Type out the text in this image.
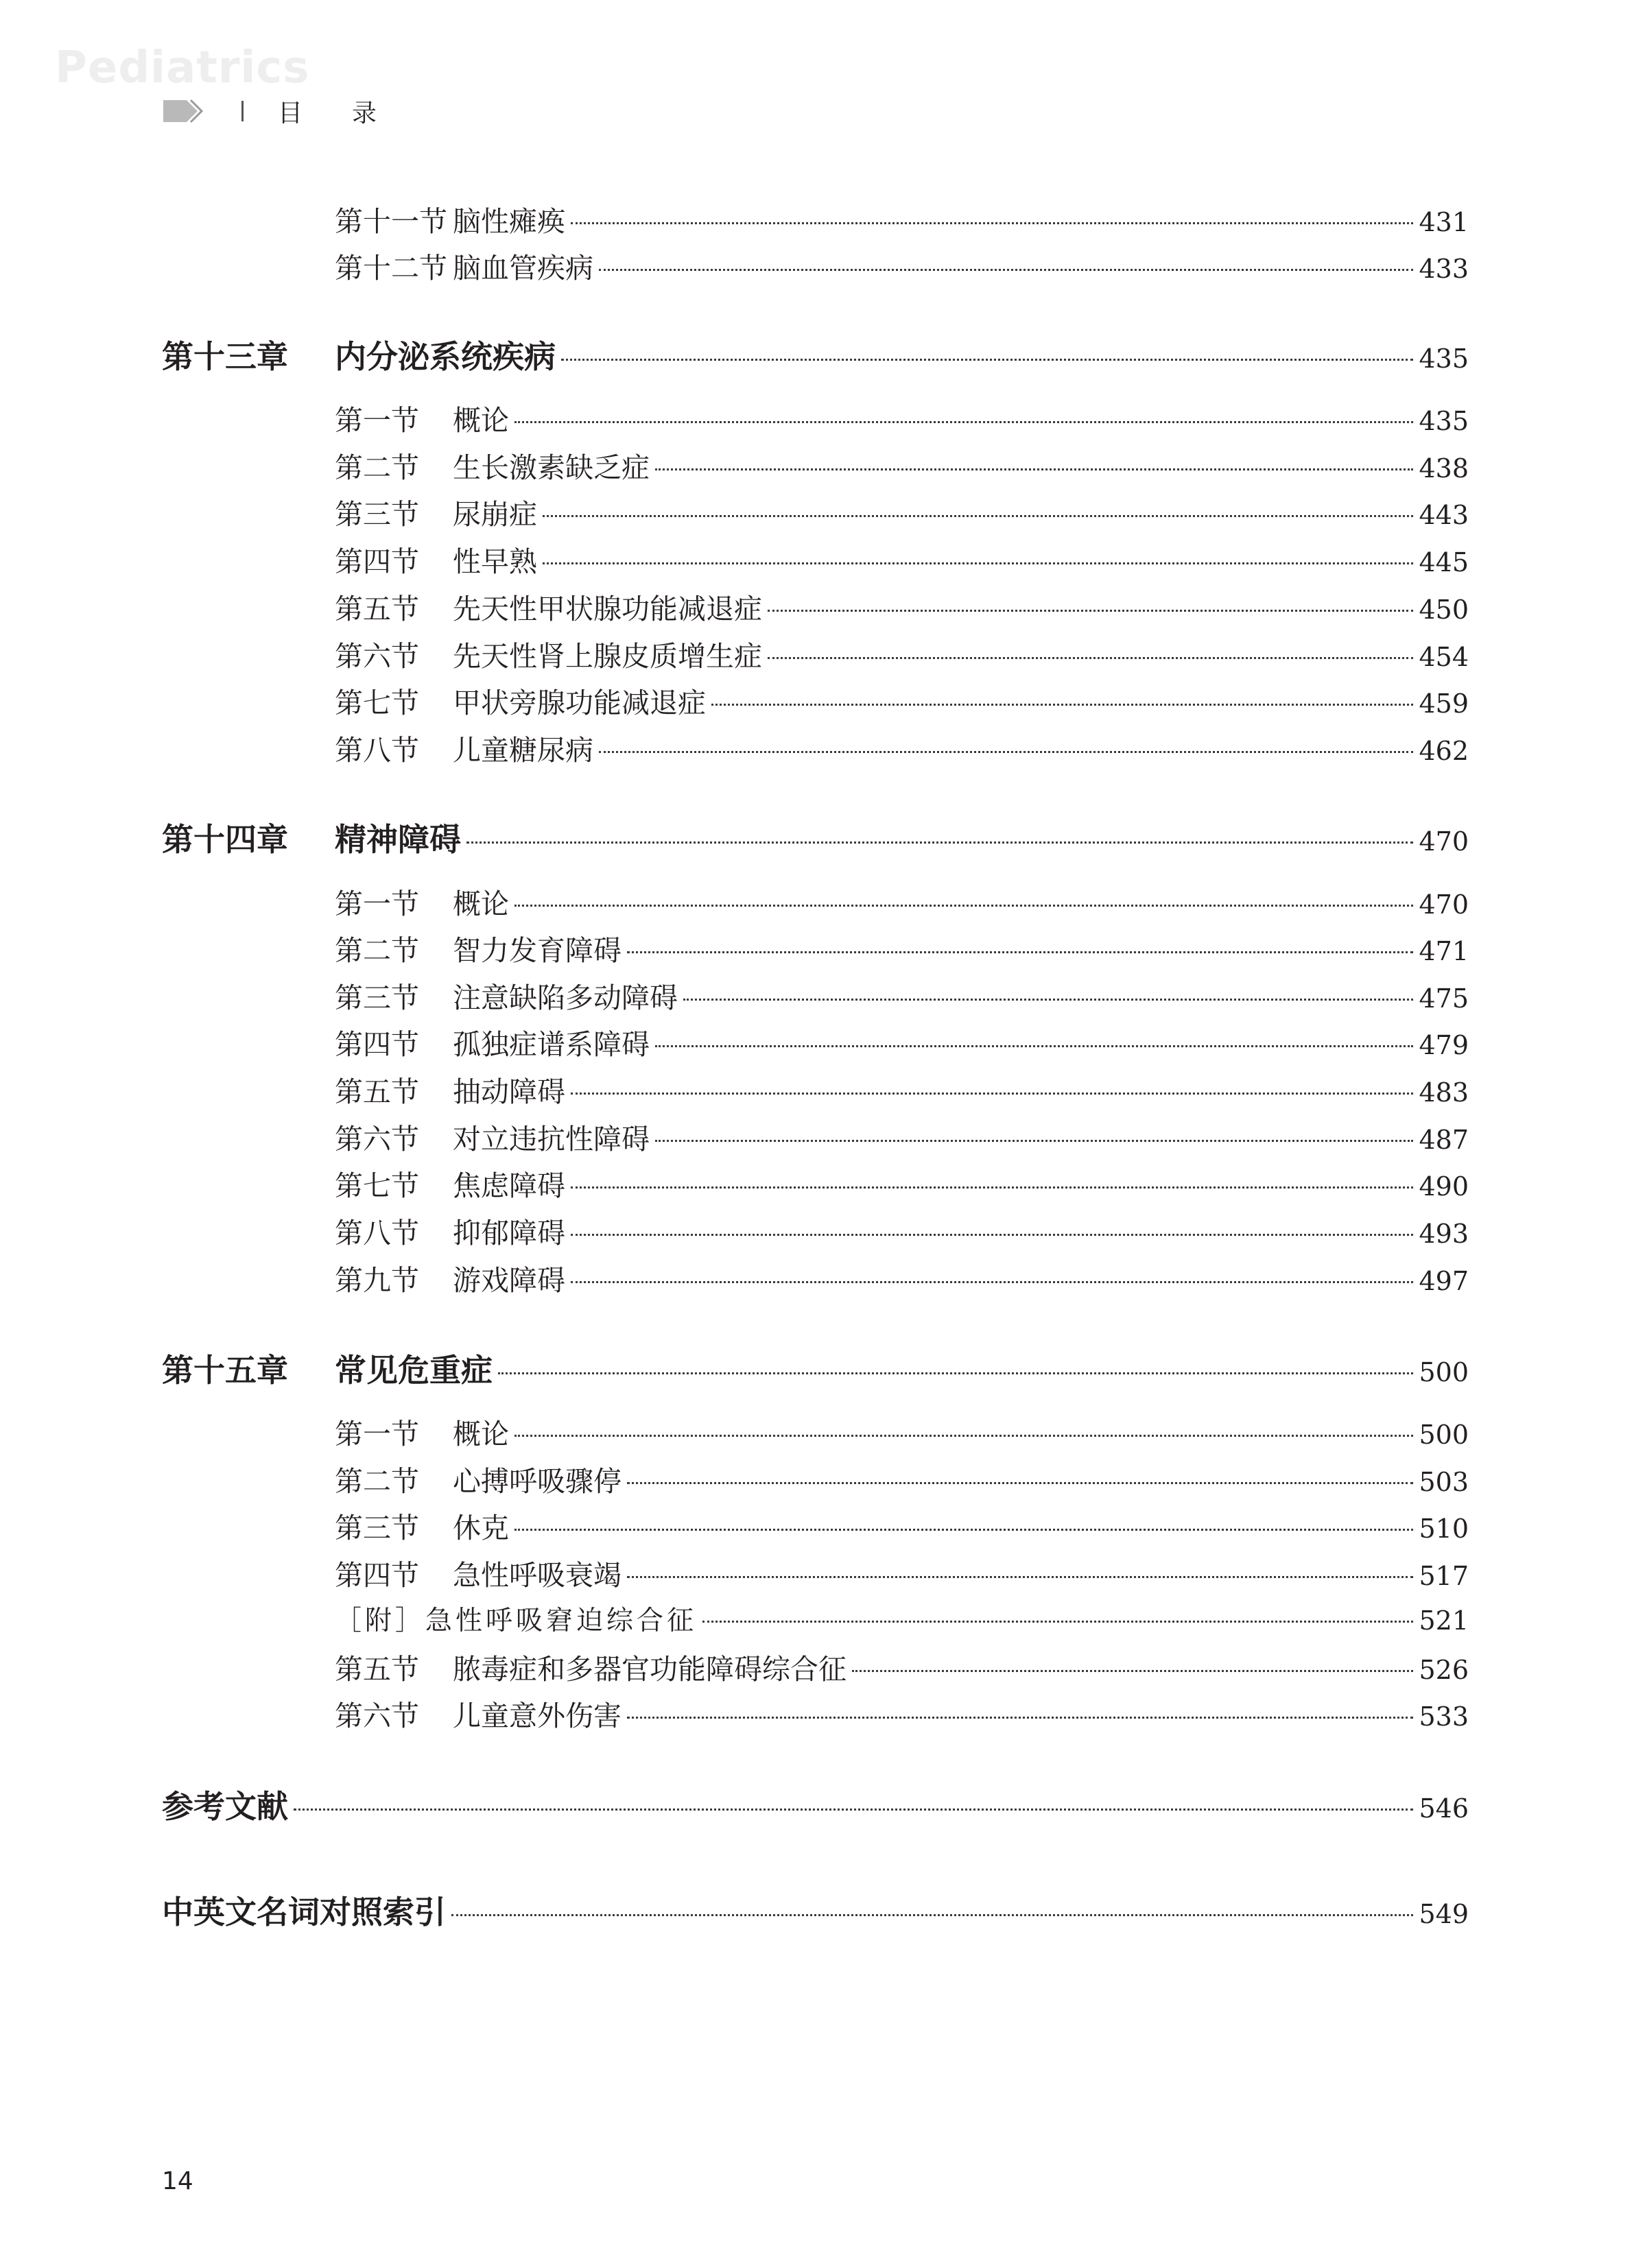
Pediatrics
目录
第十一节 脑性瘫痪	431
第十二节 脑血管疾病	433
第十三章	内分泌系统疾病	435
第一节	概论	435
第二节	生长激素缺乏症	438
第三节	尿崩症	443
第四节	性早熟	445
第五节	先天性甲状腺功能减退症	450
第六节	先天性肾上腺皮质增生症	454
第七节	甲状旁腺功能减退症	459
第八节	儿童糖尿病	462
第十四章	精神障碍	470
第一节	概论	470
第二节	智力发育障碍	471
第三节	注意缺陷多动障碍	475
第四节	孤独症谱系障碍	479
第五节	抽动障碍	483
第六节	对立违抗性障碍	487
第七节	焦虑障碍	490
第八节	抑郁障碍	493
第九节	游戏障碍	497
第十五章	常见危重症	500
第一节	概论	500
第二节	心搏呼吸骤停	503
第三节	休克	510
第四节	急性呼吸衰竭	517
［附］急性呼吸窘迫综合征	521
第五节	脓毒症和多器官功能障碍综合征	526
第六节	儿童意外伤害	533
参考文献	546
中英文名词对照索引	549
14
